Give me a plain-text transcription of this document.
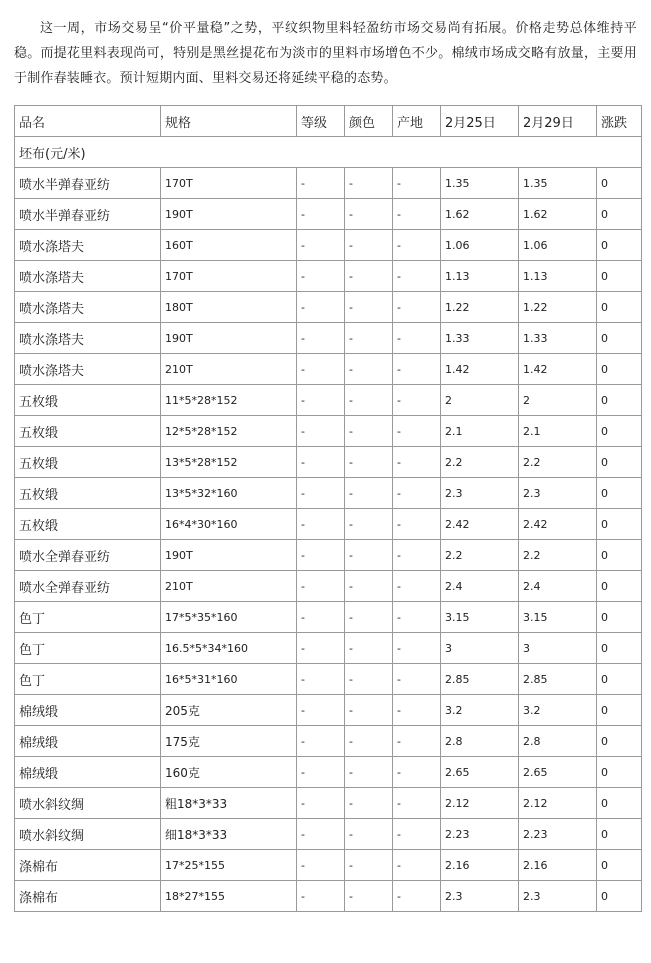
这一周，市场交易呈“价平量稳”之势，平纹织物里料轻盈纺市场交易尚有拓展。价格走势总体维持平稳。而提花里料表现尚可，特别是黑丝提花布为淡市的里料市场增色不少。棉绒市场成交略有放量，主要用于制作春装睡衣。预计短期内面、里料交易还将延续平稳的态势。

品名	规格	等级	颜色	产地	2月25日	2月29日	涨跌
坯布(元/米)							
喷水半弹春亚纺	170T	-	-	-	1.35	1.35	0
喷水半弹春亚纺	190T	-	-	-	1.62	1.62	0
喷水涤塔夫	160T	-	-	-	1.06	1.06	0
喷水涤塔夫	170T	-	-	-	1.13	1.13	0
喷水涤塔夫	180T	-	-	-	1.22	1.22	0
喷水涤塔夫	190T	-	-	-	1.33	1.33	0
喷水涤塔夫	210T	-	-	-	1.42	1.42	0
五枚缎	11*5*28*152	-	-	-	2	2	0
五枚缎	12*5*28*152	-	-	-	2.1	2.1	0
五枚缎	13*5*28*152	-	-	-	2.2	2.2	0
五枚缎	13*5*32*160	-	-	-	2.3	2.3	0
五枚缎	16*4*30*160	-	-	-	2.42	2.42	0
喷水全弹春亚纺	190T	-	-	-	2.2	2.2	0
喷水全弹春亚纺	210T	-	-	-	2.4	2.4	0
色丁	17*5*35*160	-	-	-	3.15	3.15	0
色丁	16.5*5*34*160	-	-	-	3	3	0
色丁	16*5*31*160	-	-	-	2.85	2.85	0
棉绒缎	205克	-	-	-	3.2	3.2	0
棉绒缎	175克	-	-	-	2.8	2.8	0
棉绒缎	160克	-	-	-	2.65	2.65	0
喷水斜纹绸	粗18*3*33	-	-	-	2.12	2.12	0
喷水斜纹绸	细18*3*33	-	-	-	2.23	2.23	0
涤棉布	17*25*155	-	-	-	2.16	2.16	0
涤棉布	18*27*155	-	-	-	2.3	2.3	0
